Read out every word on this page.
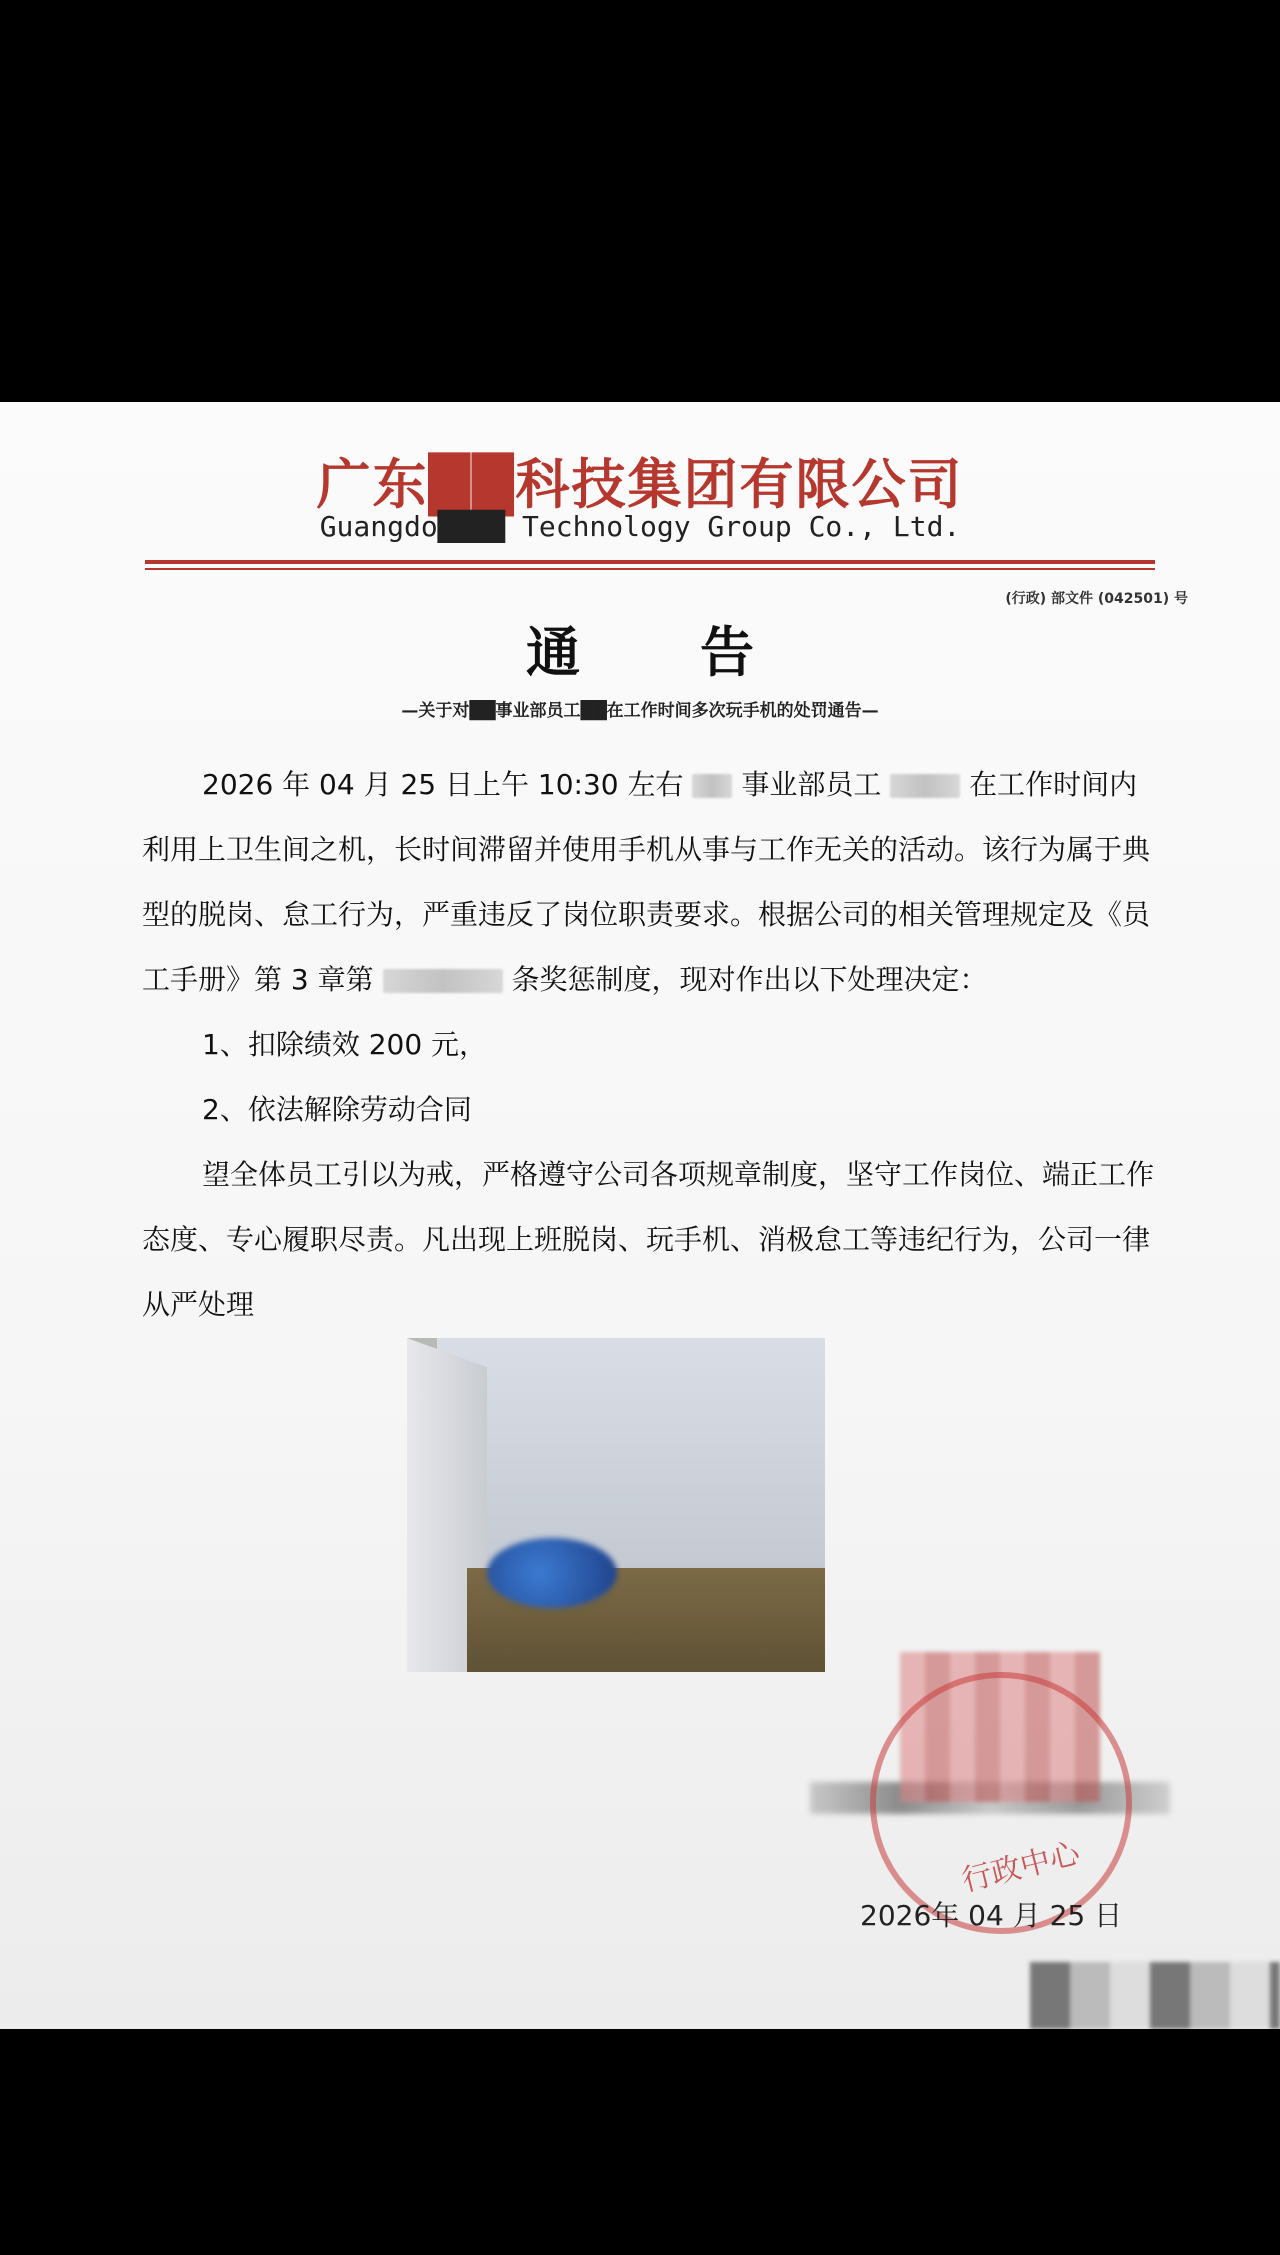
广东██科技集团有限公司
Guangdo████ Technology Group Co., Ltd.
(行政) 部文件 (042501) 号
通告
—关于对██事业部员工██在工作时间多次玩手机的处罚通告—

2026 年 04 月 25 日上午 10:30 左右 事业部员工	在工作时间内利用上卫生间之机，长时间滞留并使用手机从事与工作无关的活动。该行为属于典型的脱岗、怠工行为，严重违反了岗位职责要求。根据公司的相关管理规定及《员工手册》第 3 章第	条奖惩制度，现对作出以下处理决定：

1、扣除绩效 200 元，

2、依法解除劳动合同

望全体员工引以为戒，严格遵守公司各项规章制度，坚守工作岗位、端正工作态度、专心履职尽责。凡出现上班脱岗、玩手机、消极怠工等违纪行为，公司一律从严处理

2026年 04 月 25 日
行政中心
